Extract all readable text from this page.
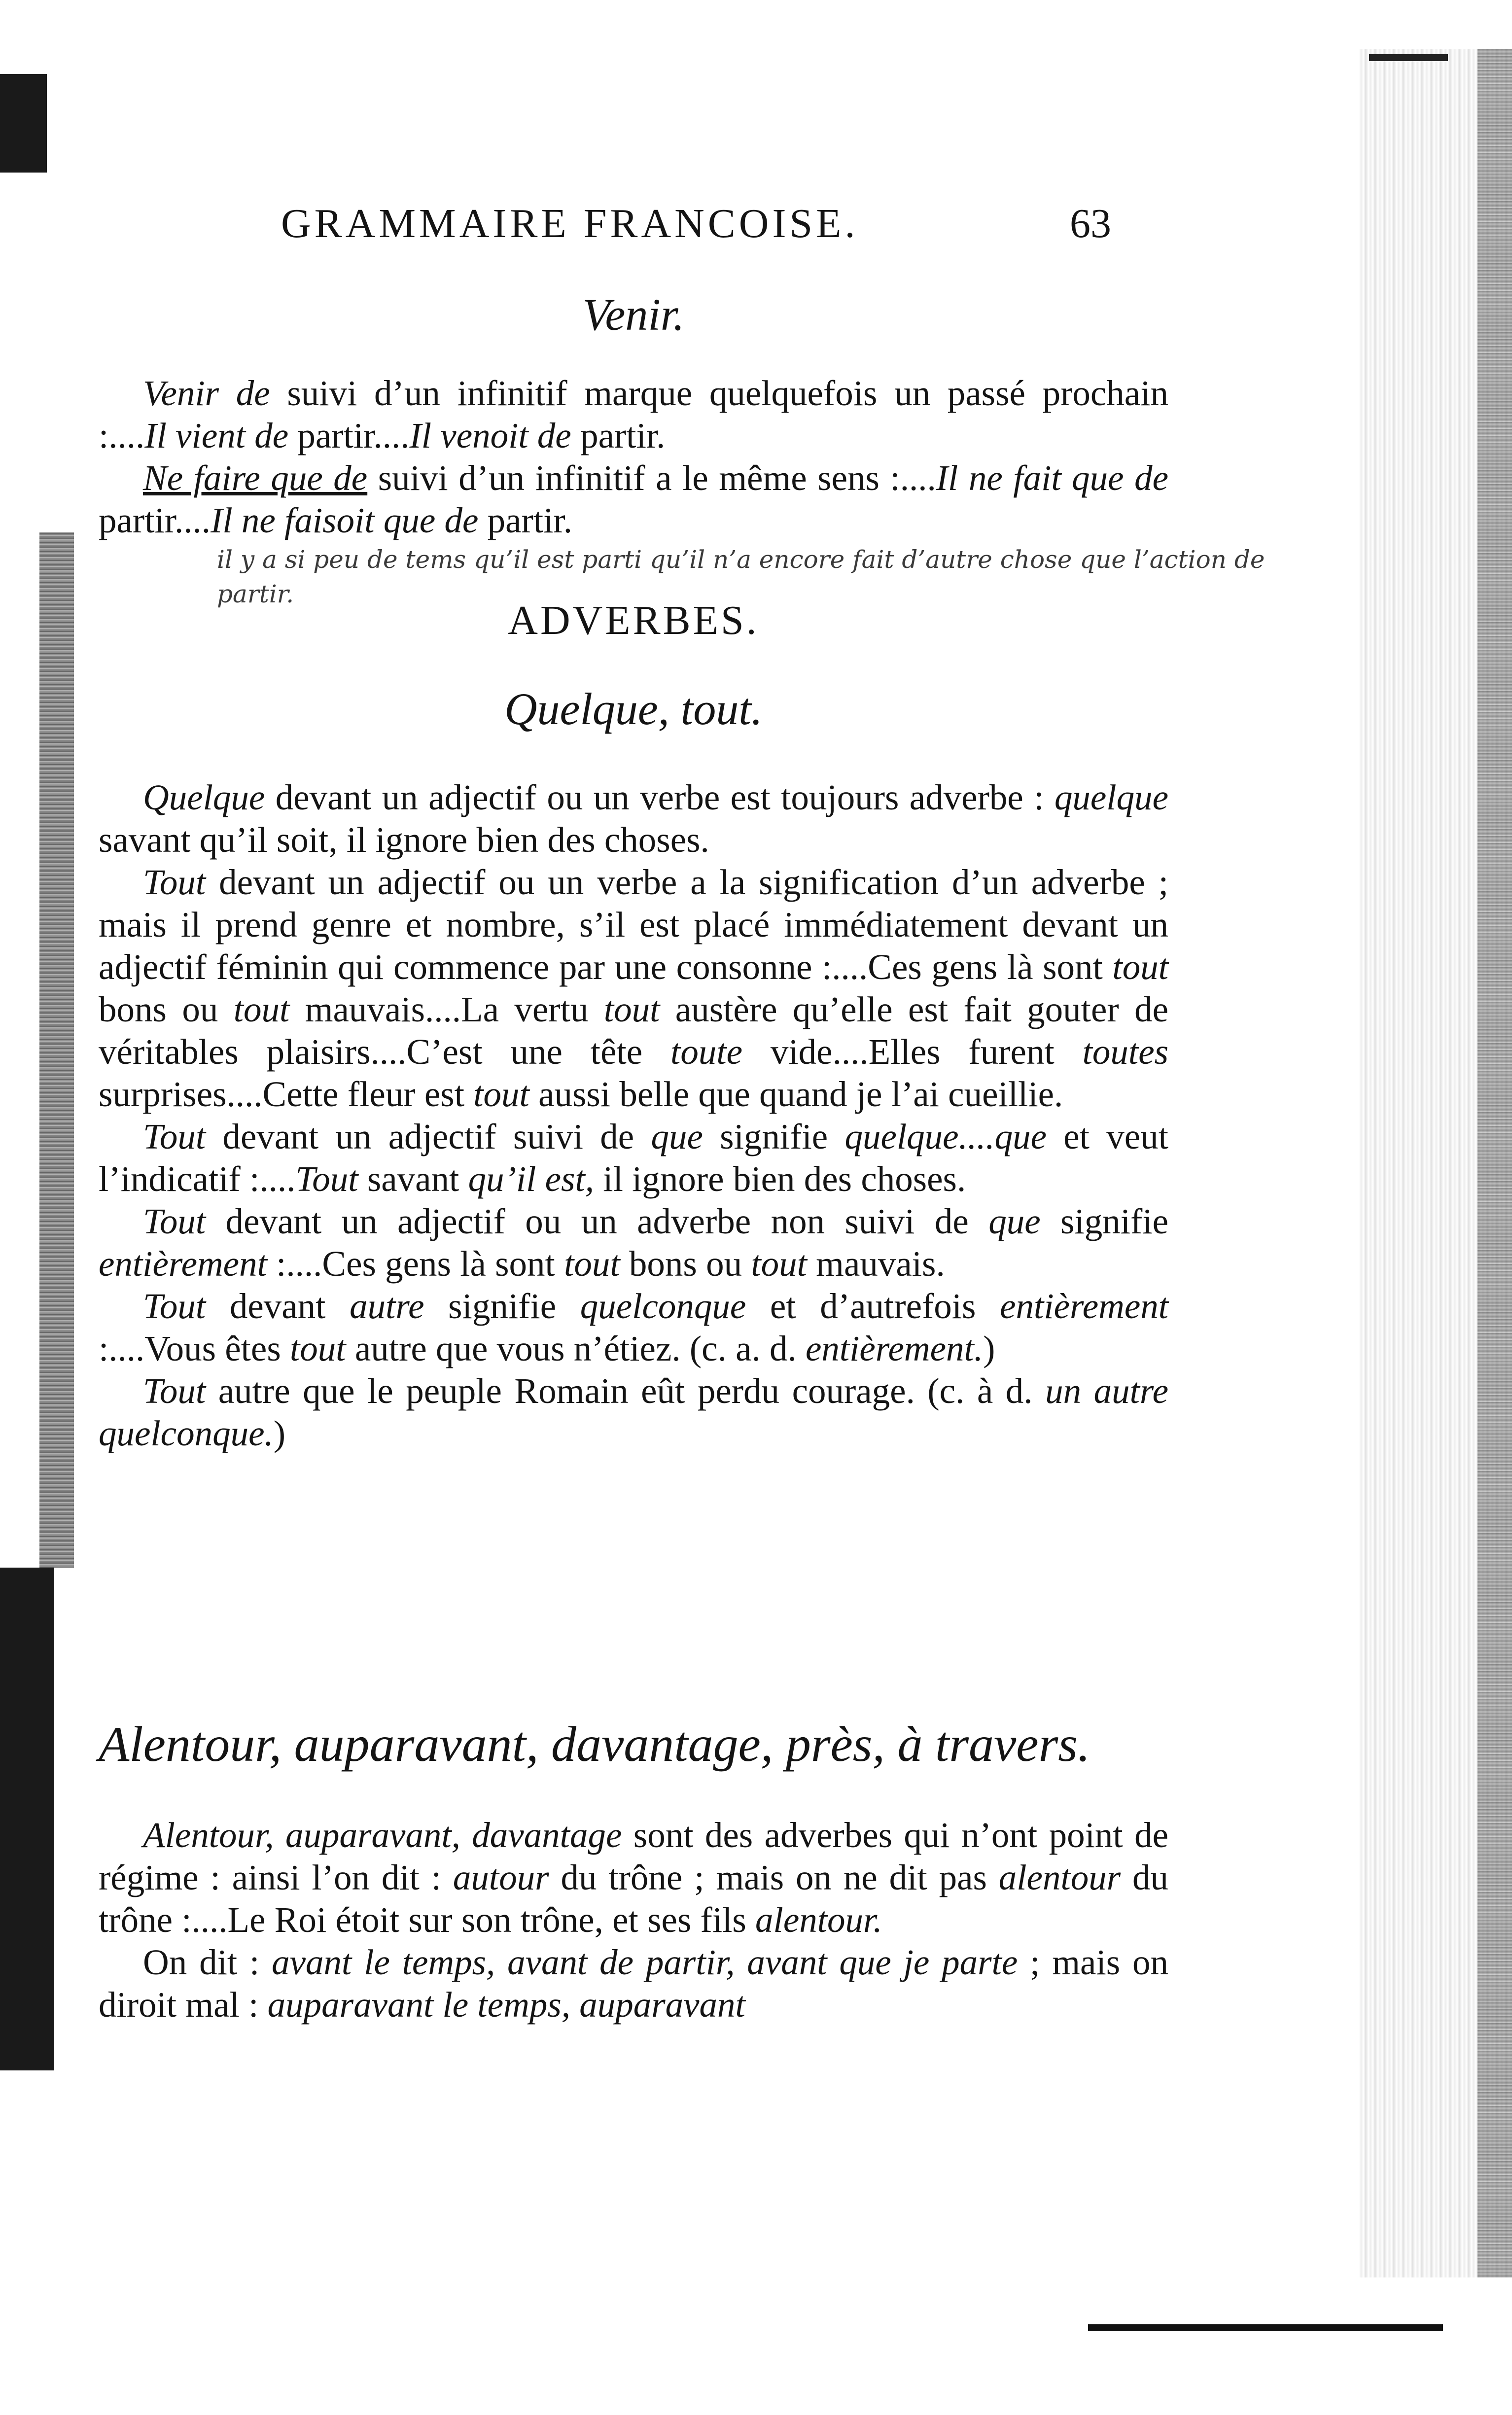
GRAMMAIRE FRANCOISE.	63
Venir.

Venir de suivi d’un infinitif marque quelquefois un passé prochain :....Il vient de partir....Il venoit de partir.

Ne faire que de suivi d’un infinitif a le même sens :....Il ne fait que de partir....Il ne faisoit que de partir.

il y a si peu de tems qu’il est parti qu’il n’a encore fait d’autre chose que l’action de partir.
ADVERBES.
Quelque, tout.

Quelque devant un adjectif ou un verbe est toujours adverbe : quelque savant qu’il soit, il ignore bien des choses.

Tout devant un adjectif ou un verbe a la signification d’un adverbe ; mais il prend genre et nombre, s’il est placé immédiatement devant un adjectif féminin qui commence par une consonne :....Ces gens là sont tout bons ou tout mauvais....La vertu tout austère qu’elle est fait gouter de véritables plaisirs....C’est une tête toute vide....Elles furent toutes surprises....Cette fleur est tout aussi belle que quand je l’ai cueillie.

Tout devant un adjectif suivi de que signifie quelque....que et veut l’indicatif :....Tout savant qu’il est, il ignore bien des choses.

Tout devant un adjectif ou un adverbe non suivi de que signifie entièrement :....Ces gens là sont tout bons ou tout mauvais.

Tout devant autre signifie quelconque et d’autrefois entièrement :....Vous êtes tout autre que vous n’étiez. (c. a. d. entièrement.)

Tout autre que le peuple Romain eût perdu courage. (c. à d. un autre quelconque.)

Alentour, auparavant, davantage, près, à travers.

Alentour, auparavant, davantage sont des adverbes qui n’ont point de régime : ainsi l’on dit : autour du trône ; mais on ne dit pas alentour du trône :....Le Roi étoit sur son trône, et ses fils alentour.

On dit : avant le temps, avant de partir, avant que je parte ; mais on diroit mal : auparavant le temps, auparavant
